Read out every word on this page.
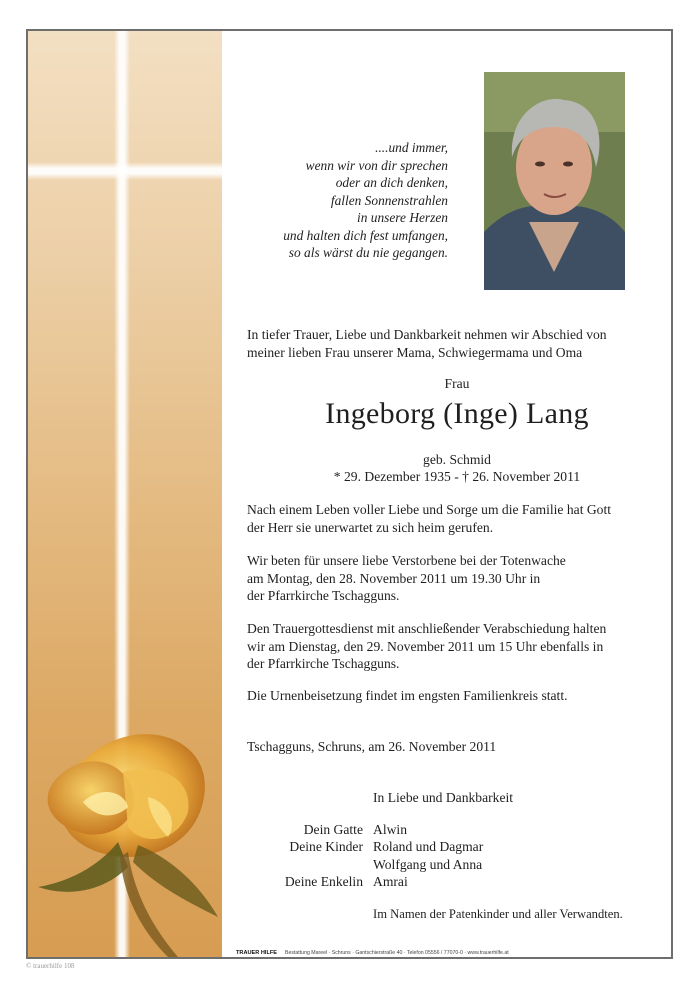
....und immer,
wenn wir von dir sprechen
oder an dich denken,
fallen Sonnenstrahlen
in unsere Herzen
und halten dich fest umfangen,
so als wärst du nie gegangen.
In tiefer Trauer, Liebe und Dankbarkeit nehmen wir Abschied von
meiner lieben Frau unserer Mama, Schwiegermama und Oma
Frau
Ingeborg (Inge) Lang
geb. Schmid
* 29. Dezember 1935 - † 26. November 2011
Nach einem Leben voller Liebe und Sorge um die Familie hat Gott
der Herr sie unerwartet zu sich heim gerufen.
Wir beten für unsere liebe Verstorbene bei der Totenwache
am Montag, den 28. November 2011 um 19.30 Uhr in
der Pfarrkirche Tschagguns.
Den Trauergottesdienst mit anschließender Verabschiedung halten
wir am Dienstag, den 29. November 2011 um 15 Uhr ebenfalls in
der Pfarrkirche Tschagguns.
Die Urnenbeisetzung findet im engsten Familienkreis statt.
Tschagguns, Schruns, am 26. November 2011
In Liebe und Dankbarkeit
Dein Gatte Alwin
Deine Kinder Roland und Dagmar
Wolfgang und Anna
Deine Enkelin Amrai
Im Namen der Patenkinder und aller Verwandten.
TRAUER HILFE Bestattung Mareel · Schruns · Gantschierstraße 40 · Telefon 05556 / 77070-0 · www.trauerhilfe.at
© trauerhilfe 108
